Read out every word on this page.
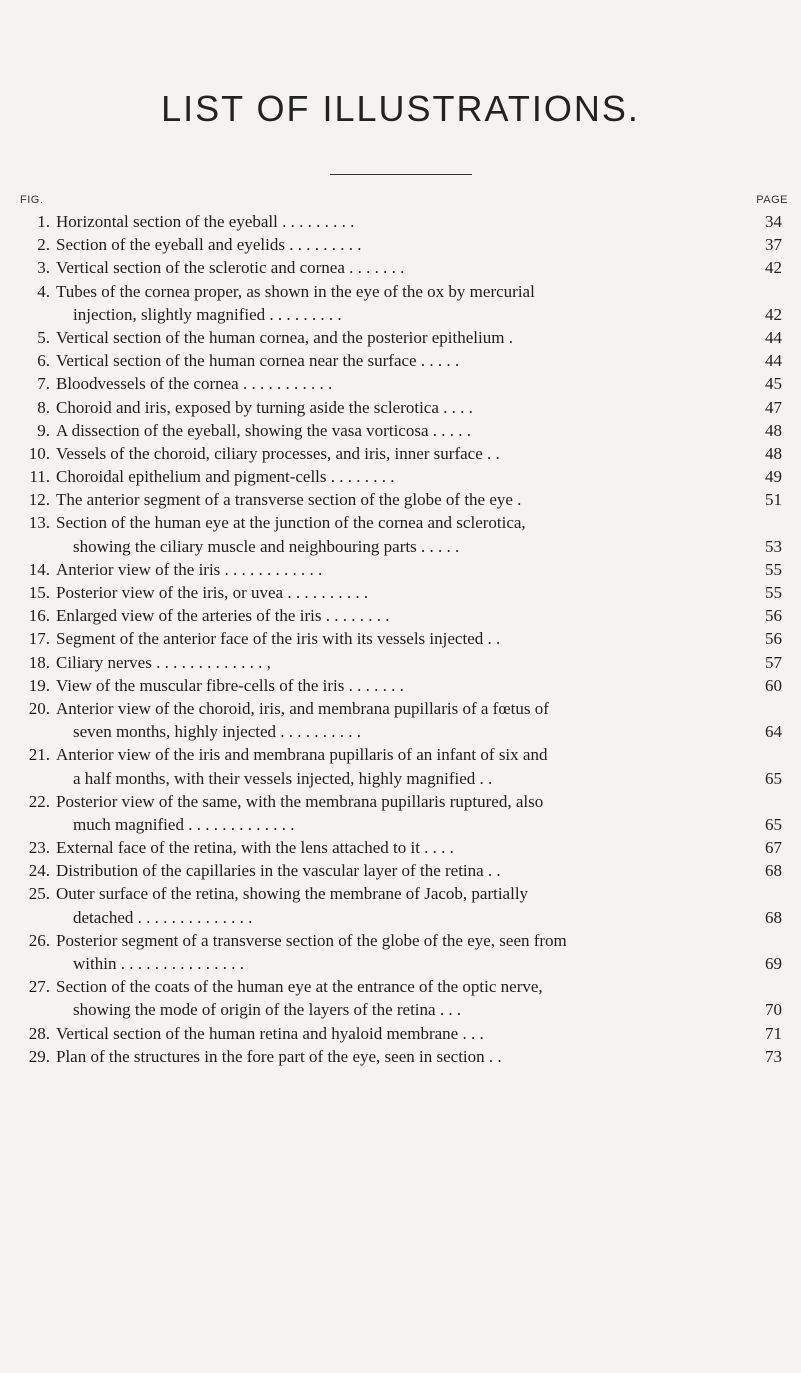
LIST OF ILLUSTRATIONS.
FIG.	PAGE
1. Horizontal section of the eyeball . . . . . . . . .	34
2. Section of the eyeball and eyelids . . . . . . . . .	37
3. Vertical section of the sclerotic and cornea . . . . . . .	42
4. Tubes of the cornea proper, as shown in the eye of the ox by mercurial
injection, slightly magnified . . . . . . . . .	42
5. Vertical section of the human cornea, and the posterior epithelium .	44
6. Vertical section of the human cornea near the surface . . . . .	44
7. Bloodvessels of the cornea . . . . . . . . . . .	45
8. Choroid and iris, exposed by turning aside the sclerotica . . . .	47
9. A dissection of the eyeball, showing the vasa vorticosa . . . . .	48
10. Vessels of the choroid, ciliary processes, and iris, inner surface . .	48
11. Choroidal epithelium and pigment-cells . . . . . . . .	49
12. The anterior segment of a transverse section of the globe of the eye .	51
13. Section of the human eye at the junction of the cornea and sclerotica,
showing the ciliary muscle and neighbouring parts . . . . .	53
14. Anterior view of the iris . . . . . . . . . . . .	55
15. Posterior view of the iris, or uvea . . . . . . . . . .	55
16. Enlarged view of the arteries of the iris . . . . . . . .	56
17. Segment of the anterior face of the iris with its vessels injected . .	56
18. Ciliary nerves . . . . . . . . . . . . . ,	57
19. View of the muscular fibre-cells of the iris . . . . . . .	60
20. Anterior view of the choroid, iris, and membrana pupillaris of a fœtus of
seven months, highly injected . . . . . . . . . .	64
21. Anterior view of the iris and membrana pupillaris of an infant of six and
a half months, with their vessels injected, highly magnified . .	65
22. Posterior view of the same, with the membrana pupillaris ruptured, also
much magnified . . . . . . . . . . . . .	65
23. External face of the retina, with the lens attached to it . . . .	67
24. Distribution of the capillaries in the vascular layer of the retina . .	68
25. Outer surface of the retina, showing the membrane of Jacob, partially
detached . . . . . . . . . . . . . .	68
26. Posterior segment of a transverse section of the globe of the eye, seen from
within . . . . . . . . . . . . . . .	69
27. Section of the coats of the human eye at the entrance of the optic nerve,
showing the mode of origin of the layers of the retina . . .	70
28. Vertical section of the human retina and hyaloid membrane . . .	71
29. Plan of the structures in the fore part of the eye, seen in section . .	73
